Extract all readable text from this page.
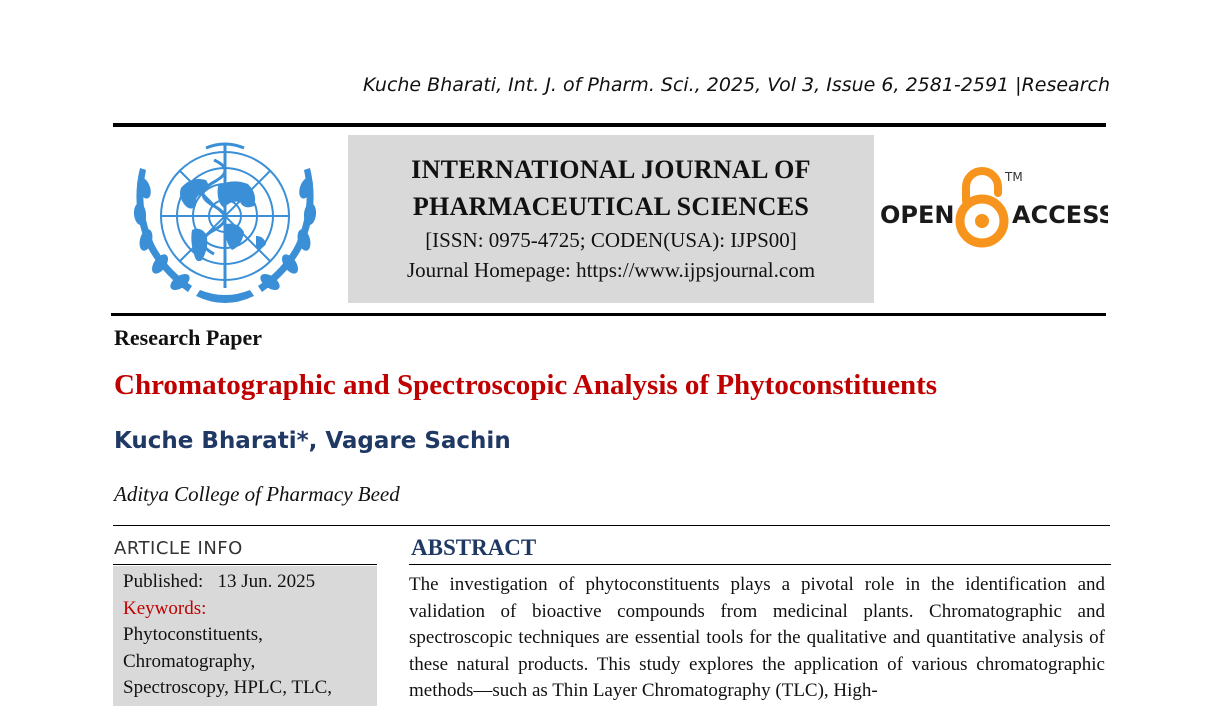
Kuche Bharati, Int. J. of Pharm. Sci., 2025, Vol 3, Issue 6, 2581-2591 |Research
INTERNATIONAL JOURNAL OF
PHARMACEUTICAL SCIENCES
[ISSN: 0975-4725; CODEN(USA): IJPS00]
Journal Homepage: https://www.ijpsjournal.com
OPEN ACCESS
TM
Research Paper
Chromatographic and Spectroscopic Analysis of Phytoconstituents
Kuche Bharati*, Vagare Sachin
Aditya College of Pharmacy Beed
ARTICLE INFO
Published: 13 Jun. 2025
Keywords:
Phytoconstituents,
Chromatography,
Spectroscopy, HPLC, TLC,
ABSTRACT
The investigation of phytoconstituents plays a pivotal role in the identification and validation of bioactive compounds from medicinal plants. Chromatographic and spectroscopic techniques are essential tools for the qualitative and quantitative analysis of these natural products. This study explores the application of various chromatographic methods—such as Thin Layer Chromatography (TLC), High-
